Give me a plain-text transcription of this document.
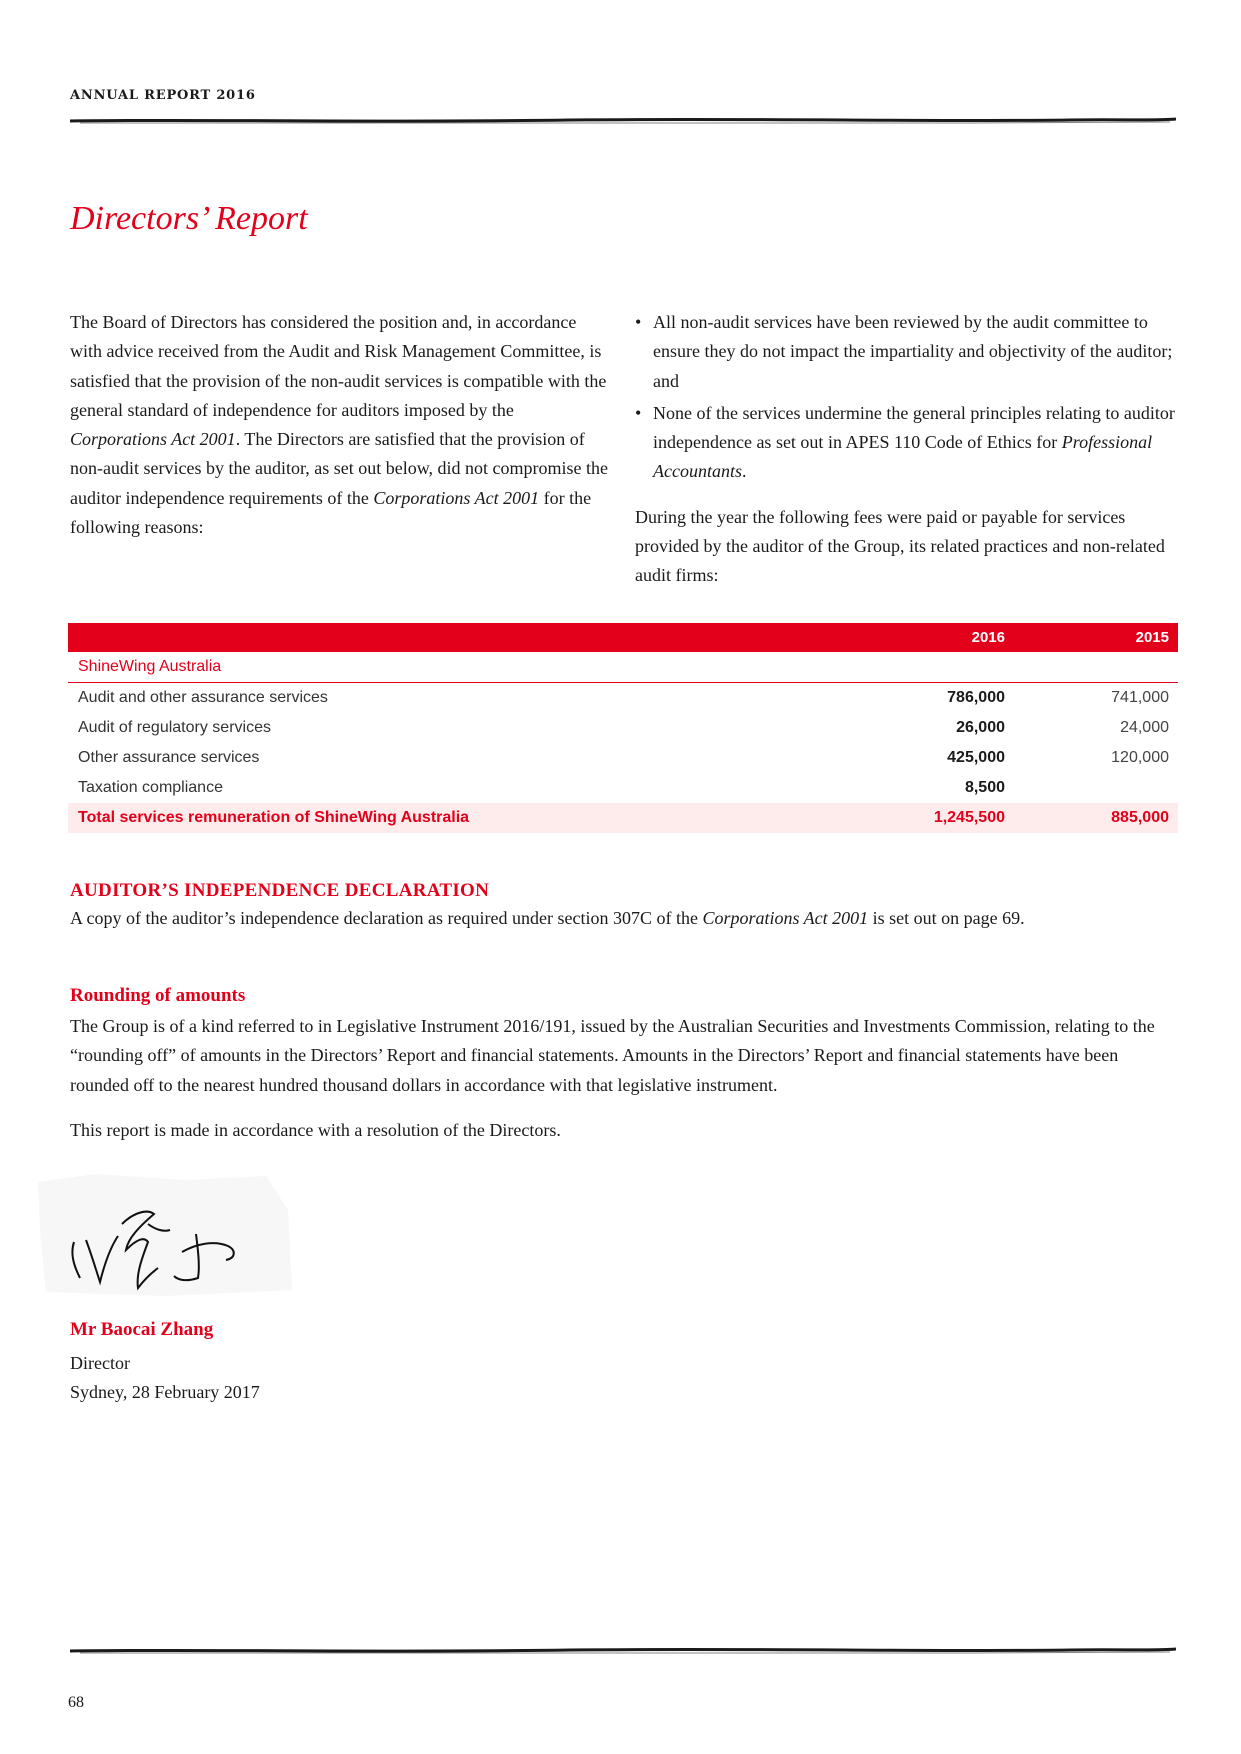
ANNUAL REPORT 2016
Directors’ Report
The Board of Directors has considered the position and, in accordance with advice received from the Audit and Risk Management Committee, is satisfied that the provision of the non-audit services is compatible with the general standard of independence for auditors imposed by the Corporations Act 2001. The Directors are satisfied that the provision of non-audit services by the auditor, as set out below, did not compromise the auditor independence requirements of the Corporations Act 2001 for the following reasons:
• All non-audit services have been reviewed by the audit committee to ensure they do not impact the impartiality and objectivity of the auditor; and
• None of the services undermine the general principles relating to auditor independence as set out in APES 110 Code of Ethics for Professional Accountants.
During the year the following fees were paid or payable for services provided by the auditor of the Group, its related practices and non-related audit firms:
2016	2015
ShineWing Australia
Audit and other assurance services	786,000	741,000
Audit of regulatory services	26,000	24,000
Other assurance services	425,000	120,000
Taxation compliance	8,500
Total services remuneration of ShineWing Australia	1,245,500	885,000
AUDITOR’S INDEPENDENCE DECLARATION
A copy of the auditor’s independence declaration as required under section 307C of the Corporations Act 2001 is set out on page 69.
Rounding of amounts
The Group is of a kind referred to in Legislative Instrument 2016/191, issued by the Australian Securities and Investments Commission, relating to the “rounding off” of amounts in the Directors’ Report and financial statements. Amounts in the Directors’ Report and financial statements have been rounded off to the nearest hundred thousand dollars in accordance with that legislative instrument.
This report is made in accordance with a resolution of the Directors.
Mr Baocai Zhang
Director
Sydney, 28 February 2017
68
